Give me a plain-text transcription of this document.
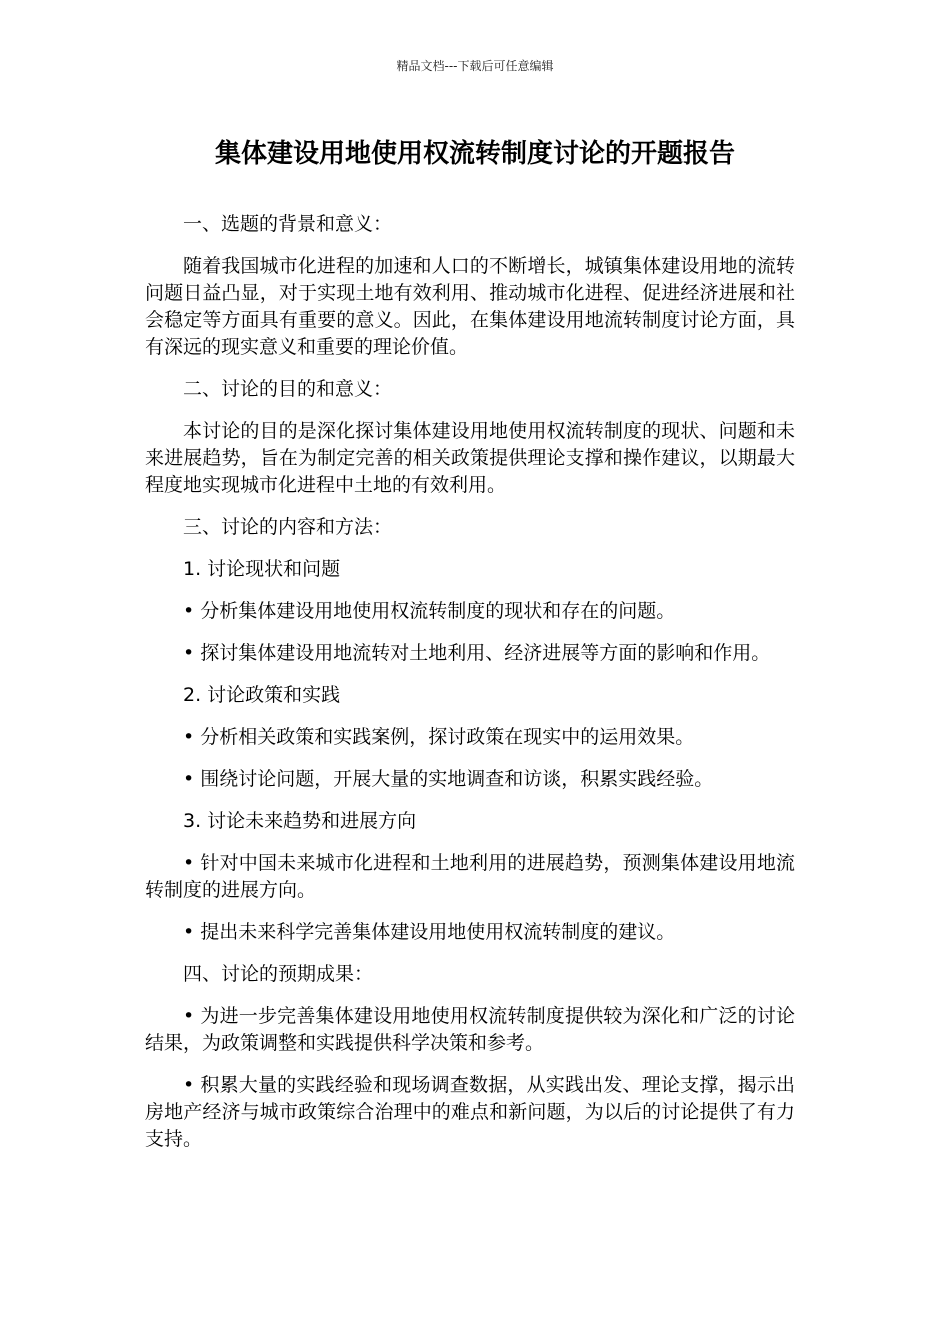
精品文档---下载后可任意编辑
集体建设用地使用权流转制度讨论的开题报告

一、选题的背景和意义：

随着我国城市化进程的加速和人口的不断增长，城镇集体建设用地的流转问题日益凸显，对于实现土地有效利用、推动城市化进程、促进经济进展和社会稳定等方面具有重要的意义。因此，在集体建设用地流转制度讨论方面，具有深远的现实意义和重要的理论价值。

二、讨论的目的和意义：

本讨论的目的是深化探讨集体建设用地使用权流转制度的现状、问题和未来进展趋势，旨在为制定完善的相关政策提供理论支撑和操作建议，以期最大程度地实现城市化进程中土地的有效利用。

三、讨论的内容和方法：

1. 讨论现状和问题

• 分析集体建设用地使用权流转制度的现状和存在的问题。

• 探讨集体建设用地流转对土地利用、经济进展等方面的影响和作用。

2. 讨论政策和实践

• 分析相关政策和实践案例，探讨政策在现实中的运用效果。

• 围绕讨论问题，开展大量的实地调查和访谈，积累实践经验。

3. 讨论未来趋势和进展方向

• 针对中国未来城市化进程和土地利用的进展趋势，预测集体建设用地流转制度的进展方向。

• 提出未来科学完善集体建设用地使用权流转制度的建议。

四、讨论的预期成果：

• 为进一步完善集体建设用地使用权流转制度提供较为深化和广泛的讨论结果，为政策调整和实践提供科学决策和参考。

• 积累大量的实践经验和现场调查数据，从实践出发、理论支撑，揭示出房地产经济与城市政策综合治理中的难点和新问题，为以后的讨论提供了有力支持。
